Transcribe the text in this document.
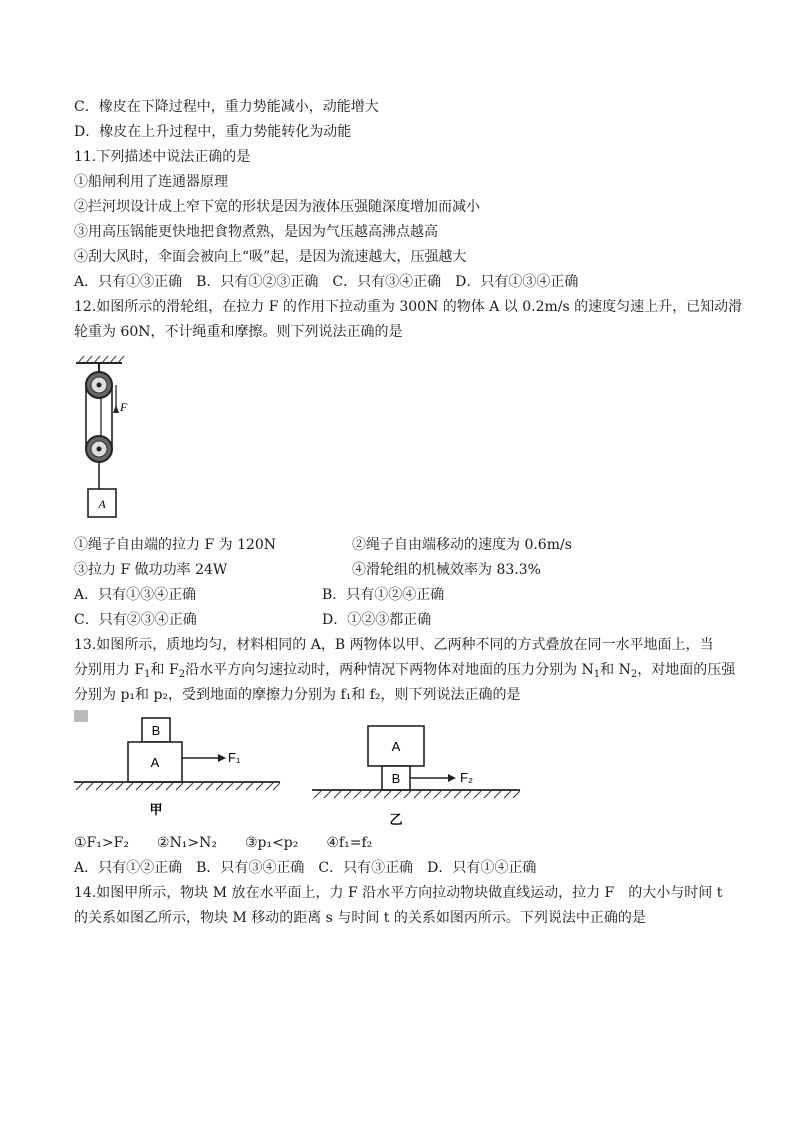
C．橡皮在下降过程中，重力势能减小，动能增大
D．橡皮在上升过程中，重力势能转化为动能
11.下列描述中说法正确的是
①船闸利用了连通器原理
②拦河坝设计成上窄下宽的形状是因为液体压强随深度增加而减小
③用高压锅能更快地把食物煮熟，是因为气压越高沸点越高
④刮大风时，伞面会被向上“吸”起，是因为流速越大，压强越大
A．只有①③正确　B．只有①②③正确　C．只有③④正确　D．只有①③④正确
12.如图所示的滑轮组，在拉力 F 的作用下拉动重为 300N 的物体 A 以 0.2m/s 的速度匀速上升，已知动滑
轮重为 60N，不计绳重和摩擦。则下列说法正确的是
F
A
①绳子自由端的拉力 F 为 120N	②绳子自由端移动的速度为 0.6m/s
③拉力 F 做功功率 24W	④滑轮组的机械效率为 83.3%
A．只有①③④正确	B．只有①②④正确
C．只有②③④正确	D．①②③都正确
13.如图所示，质地均匀，材料相同的 A，B 两物体以甲、乙两种不同的方式叠放在同一水平地面上，当
分别用力 $F_1$和 $F_2$沿水平方向匀速拉动时，两种情况下两物体对地面的压力分别为 $N_1$和 $N_2$，对地面的压强
分别为 p₁和 p₂，受到地面的摩擦力分别为 f₁和 f₂，则下列说法正确的是
B
A	F₁
甲
A
B	F₂
乙
①F₁>F₂　　②N₁>N₂　　③p₁<p₂　　④f₁=f₂
A．只有①②正确　B．只有③④正确　C．只有③正确　D．只有①④正确
14.如图甲所示，物块 M 放在水平面上，力 F 沿水平方向拉动物块做直线运动，拉力 F　的大小与时间 t
的关系如图乙所示，物块 M 移动的距离 s 与时间 t 的关系如图丙所示。下列说法中正确的是
